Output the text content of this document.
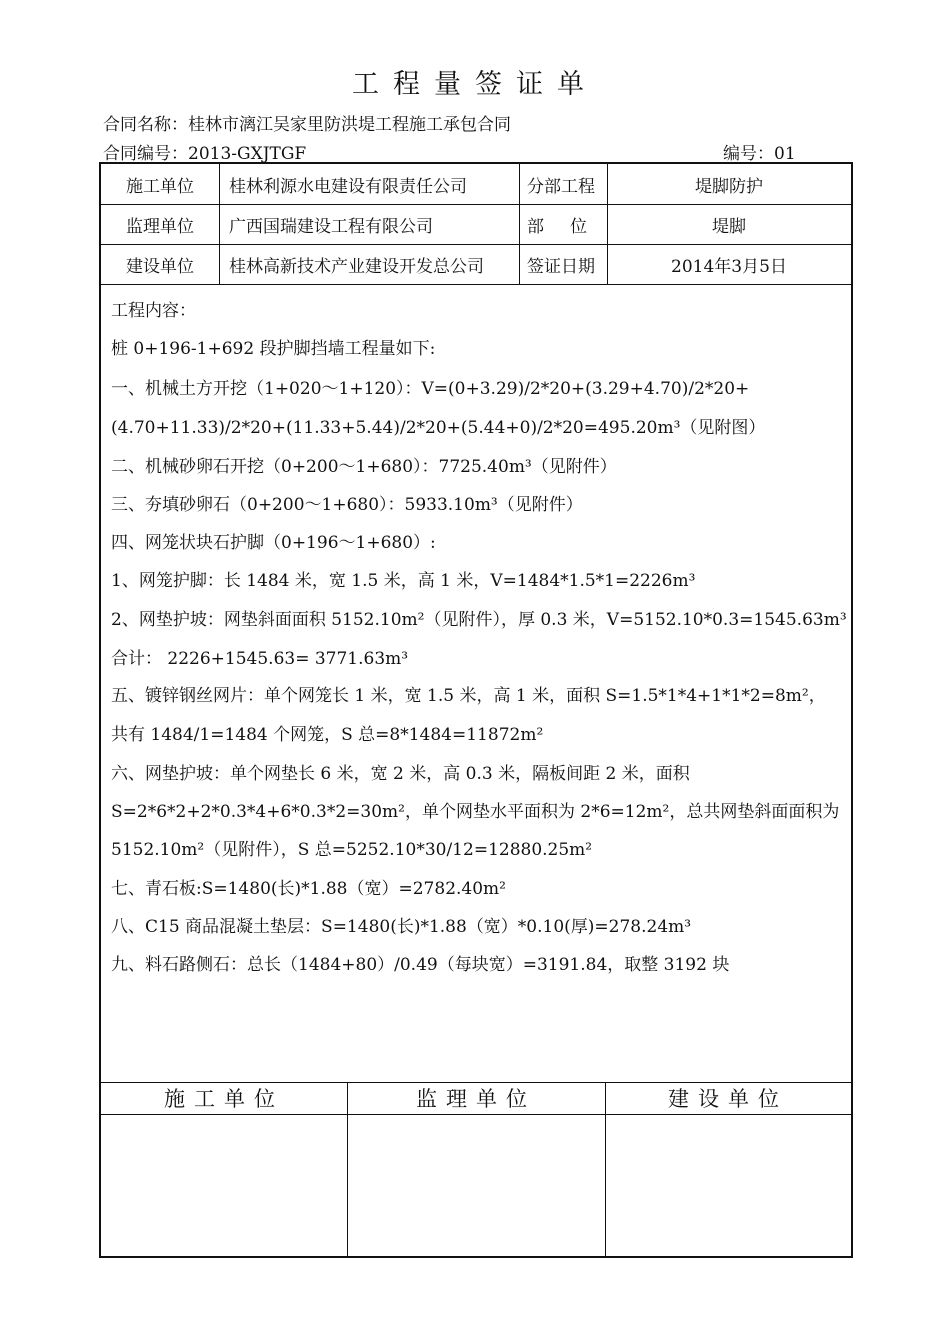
工程量签证单
合同名称：桂林市漓江吴家里防洪堤工程施工承包合同
合同编号：2013-GXJTGF	编号：01
施工单位	桂林利源水电建设有限责任公司	分部工程	堤脚防护
监理单位	广西国瑞建设工程有限公司	部位	堤脚
建设单位	桂林高新技术产业建设开发总公司	签证日期	2014年3月5日
工程内容：
桩 0+196-1+692 段护脚挡墙工程量如下:
一、机械土方开挖（1+020～1+120）：V=(0+3.29)/2*20+(3.29+4.70)/2*20+
(4.70+11.33)/2*20+(11.33+5.44)/2*20+(5.44+0)/2*20=495.20m³（见附图）
二、机械砂卵石开挖（0+200～1+680）：7725.40m³（见附件）
三、夯填砂卵石（0+200～1+680）：5933.10m³（见附件）
四、网笼状块石护脚（0+196～1+680）:
1、网笼护脚：长 1484 米，宽 1.5 米，高 1 米，V=1484*1.5*1=2226m³
2、网垫护坡：网垫斜面面积 5152.10m²（见附件），厚 0.3 米，V=5152.10*0.3=1545.63m³
合计： 2226+1545.63= 3771.63m³
五、镀锌钢丝网片：单个网笼长 1 米，宽 1.5 米，高 1 米，面积 S=1.5*1*4+1*1*2=8m²，
共有 1484/1=1484 个网笼，S 总=8*1484=11872m²
六、网垫护坡：单个网垫长 6 米，宽 2 米，高 0.3 米，隔板间距 2 米，面积
S=2*6*2+2*0.3*4+6*0.3*2=30m²，单个网垫水平面积为 2*6=12m²，总共网垫斜面面积为
5152.10m²（见附件），S 总=5252.10*30/12=12880.25m²
七、青石板:S=1480(长)*1.88（宽）=2782.40m²
八、C15 商品混凝土垫层：S=1480(长)*1.88（宽）*0.10(厚)=278.24m³
九、料石路侧石：总长（1484+80）/0.49（每块宽）=3191.84，取整 3192 块
施工单位	监理单位	建设单位
